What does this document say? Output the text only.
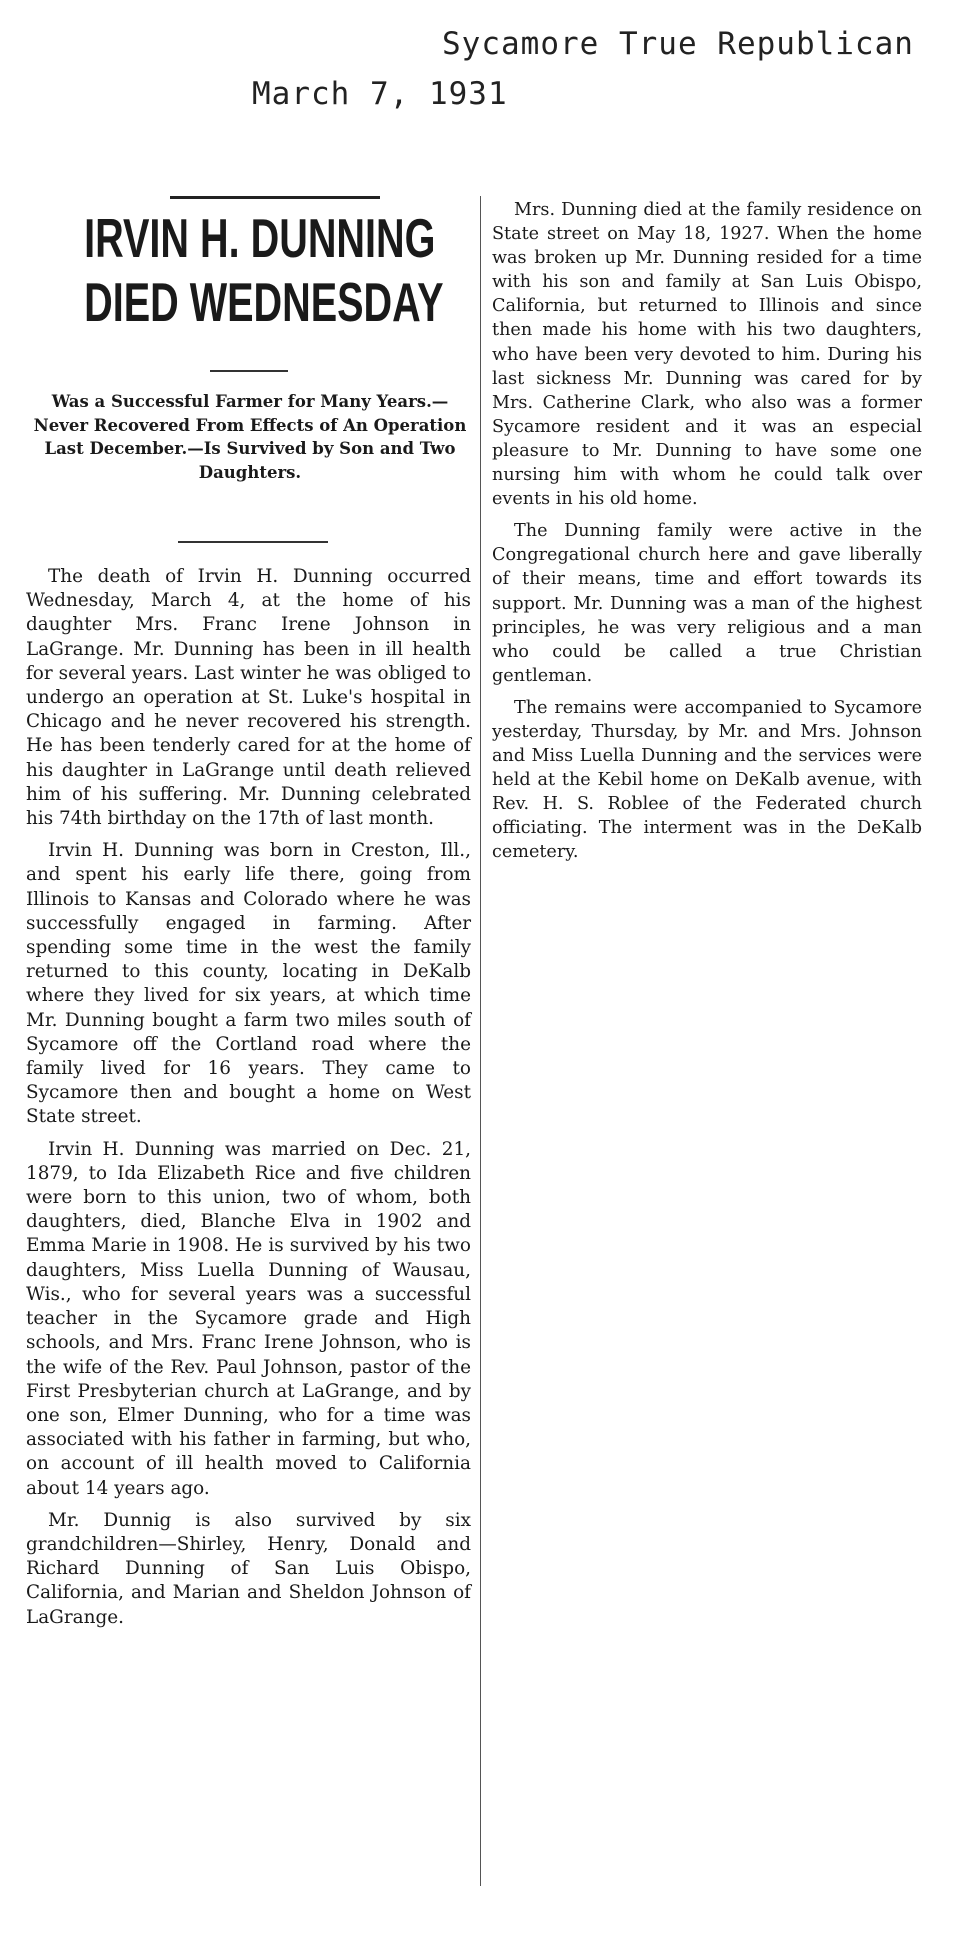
Sycamore True Republican
March 7, 1931
IRVIN H. DUNNING
DIED WEDNESDAY
Was a Successful Farmer for Many Years.—Never Recovered From Effects of An Operation Last December.—Is Survived by Son and Two Daughters.

The death of Irvin H. Dunning occurred Wednesday, March 4, at the home of his daughter Mrs. Franc Irene Johnson in LaGrange. Mr. Dunning has been in ill health for several years. Last winter he was obliged to undergo an operation at St. Luke's hospital in Chicago and he never recovered his strength. He has been tenderly cared for at the home of his daughter in LaGrange until death relieved him of his suffering. Mr. Dunning celebrated his 74th birthday on the 17th of last month.

Irvin H. Dunning was born in Creston, Ill., and spent his early life there, going from Illinois to Kansas and Colorado where he was successfully engaged in farming. After spending some time in the west the family returned to this county, locating in DeKalb where they lived for six years, at which time Mr. Dunning bought a farm two miles south of Sycamore off the Cortland road where the family lived for 16 years. They came to Sycamore then and bought a home on West State street.

Irvin H. Dunning was married on Dec. 21, 1879, to Ida Elizabeth Rice and five children were born to this union, two of whom, both daughters, died, Blanche Elva in 1902 and Emma Marie in 1908. He is survived by his two daughters, Miss Luella Dunning of Wausau, Wis., who for several years was a successful teacher in the Sycamore grade and High schools, and Mrs. Franc Irene Johnson, who is the wife of the Rev. Paul Johnson, pastor of the First Presbyterian church at LaGrange, and by one son, Elmer Dunning, who for a time was associated with his father in farming, but who, on account of ill health moved to California about 14 years ago.

Mr. Dunnig is also survived by six grandchildren—Shirley, Henry, Donald and Richard Dunning of San Luis Obispo, California, and Marian and Sheldon Johnson of LaGrange.

Mrs. Dunning died at the family residence on State street on May 18, 1927. When the home was broken up Mr. Dunning resided for a time with his son and family at San Luis Obispo, California, but returned to Illinois and since then made his home with his two daughters, who have been very devoted to him. During his last sickness Mr. Dunning was cared for by Mrs. Catherine Clark, who also was a former Sycamore resident and it was an especial pleasure to Mr. Dunning to have some one nursing him with whom he could talk over events in his old home.

The Dunning family were active in the Congregational church here and gave liberally of their means, time and effort towards its support. Mr. Dunning was a man of the highest principles, he was very religious and a man who could be called a true Christian gentleman.

The remains were accompanied to Sycamore yesterday, Thursday, by Mr. and Mrs. Johnson and Miss Luella Dunning and the services were held at the Kebil home on DeKalb avenue, with Rev. H. S. Roblee of the Federated church officiating. The interment was in the DeKalb cemetery.
